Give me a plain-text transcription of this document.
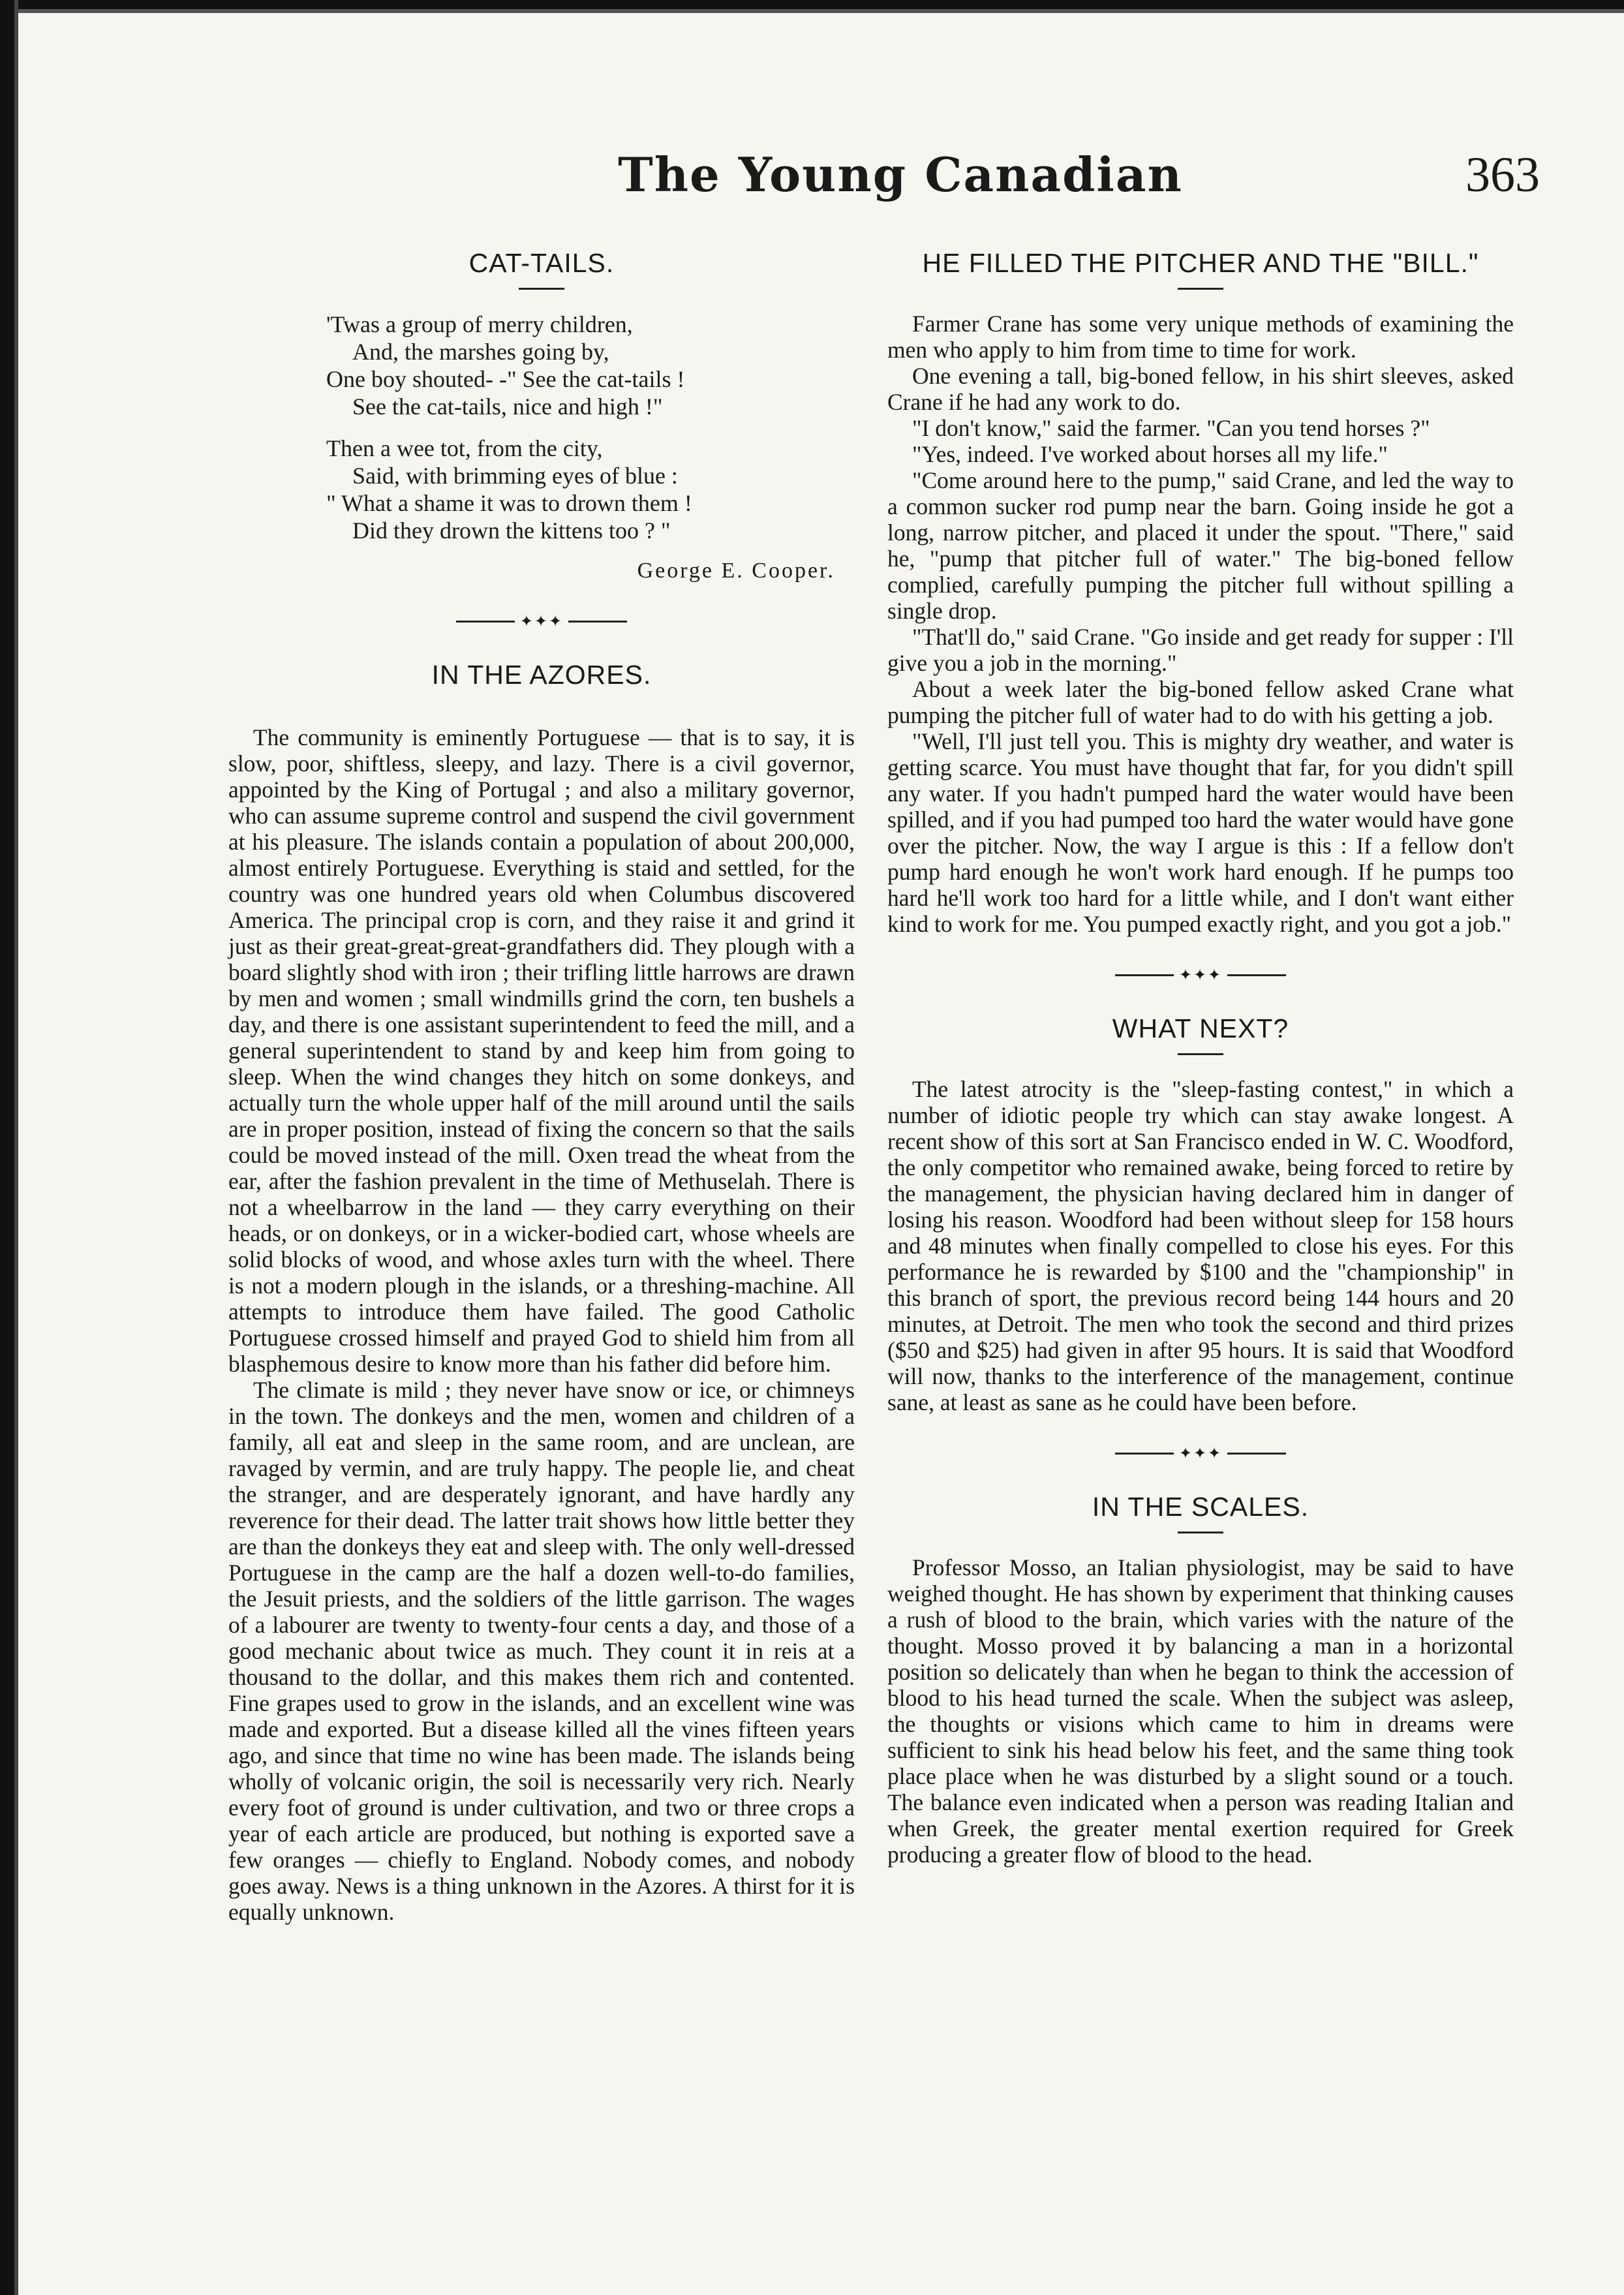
The Young Canadian	363
CAT-TAILS.
'Twas a group of merry children,
And, the marshes going by,
One boy shouted- -" See the cat-tails !
See the cat-tails, nice and high !"
Then a wee tot, from the city,
Said, with brimming eyes of blue :
" What a shame it was to drown them !
Did they drown the kittens too ? "
George E. Cooper.
✦✦✦
IN THE AZORES.

The community is eminently Portuguese — that is to say, it is slow, poor, shiftless, sleepy, and lazy. There is a civil governor, appointed by the King of Portugal ; and also a military governor, who can assume supreme control and suspend the civil government at his pleasure. The islands contain a population of about 200,000, almost entirely Portuguese. Everything is staid and settled, for the country was one hundred years old when Columbus discovered America. The principal crop is corn, and they raise it and grind it just as their great-great-great-grandfathers did. They plough with a board slightly shod with iron ; their trifling little harrows are drawn by men and women ; small windmills grind the corn, ten bushels a day, and there is one assistant superintendent to feed the mill, and a general superintendent to stand by and keep him from going to sleep. When the wind changes they hitch on some donkeys, and actually turn the whole upper half of the mill around until the sails are in proper position, instead of fixing the concern so that the sails could be moved instead of the mill. Oxen tread the wheat from the ear, after the fashion prevalent in the time of Methuselah. There is not a wheelbarrow in the land — they carry everything on their heads, or on donkeys, or in a wicker-bodied cart, whose wheels are solid blocks of wood, and whose axles turn with the wheel. There is not a modern plough in the islands, or a threshing-machine. All attempts to introduce them have failed. The good Catholic Portuguese crossed himself and prayed God to shield him from all blasphemous desire to know more than his father did before him.

The climate is mild ; they never have snow or ice, or chimneys in the town. The donkeys and the men, women and children of a family, all eat and sleep in the same room, and are unclean, are ravaged by vermin, and are truly happy. The people lie, and cheat the stranger, and are desperately ignorant, and have hardly any reverence for their dead. The latter trait shows how little better they are than the donkeys they eat and sleep with. The only well-dressed Portuguese in the camp are the half a dozen well-to-do families, the Jesuit priests, and the soldiers of the little garrison. The wages of a labourer are twenty to twenty-four cents a day, and those of a good mechanic about twice as much. They count it in reis at a thousand to the dollar, and this makes them rich and contented. Fine grapes used to grow in the islands, and an excellent wine was made and exported. But a disease killed all the vines fifteen years ago, and since that time no wine has been made. The islands being wholly of volcanic origin, the soil is necessarily very rich. Nearly every foot of ground is under cultivation, and two or three crops a year of each article are produced, but nothing is exported save a few oranges — chiefly to England. Nobody comes, and nobody goes away. News is a thing unknown in the Azores. A thirst for it is equally unknown.

HE FILLED THE PITCHER AND THE "BILL."

Farmer Crane has some very unique methods of examining the men who apply to him from time to time for work.

One evening a tall, big-boned fellow, in his shirt sleeves, asked Crane if he had any work to do.

"I don't know," said the farmer. "Can you tend horses ?"

"Yes, indeed. I've worked about horses all my life."

"Come around here to the pump," said Crane, and led the way to a common sucker rod pump near the barn. Going inside he got a long, narrow pitcher, and placed it under the spout. "There," said he, "pump that pitcher full of water." The big-boned fellow complied, carefully pumping the pitcher full without spilling a single drop.

"That'll do," said Crane. "Go inside and get ready for supper : I'll give you a job in the morning."

About a week later the big-boned fellow asked Crane what pumping the pitcher full of water had to do with his getting a job.

"Well, I'll just tell you. This is mighty dry weather, and water is getting scarce. You must have thought that far, for you didn't spill any water. If you hadn't pumped hard the water would have been spilled, and if you had pumped too hard the water would have gone over the pitcher. Now, the way I argue is this : If a fellow don't pump hard enough he won't work hard enough. If he pumps too hard he'll work too hard for a little while, and I don't want either kind to work for me. You pumped exactly right, and you got a job."

✦✦✦
WHAT NEXT?

The latest atrocity is the "sleep-fasting contest," in which a number of idiotic people try which can stay awake longest. A recent show of this sort at San Francisco ended in W. C. Woodford, the only competitor who remained awake, being forced to retire by the management, the physician having declared him in danger of losing his reason. Woodford had been without sleep for 158 hours and 48 minutes when finally compelled to close his eyes. For this performance he is rewarded by $100 and the "championship" in this branch of sport, the previous record being 144 hours and 20 minutes, at Detroit. The men who took the second and third prizes ($50 and $25) had given in after 95 hours. It is said that Woodford will now, thanks to the interference of the management, continue sane, at least as sane as he could have been before.

✦✦✦
IN THE SCALES.

Professor Mosso, an Italian physiologist, may be said to have weighed thought. He has shown by experiment that thinking causes a rush of blood to the brain, which varies with the nature of the thought. Mosso proved it by balancing a man in a horizontal position so delicately than when he began to think the accession of blood to his head turned the scale. When the subject was asleep, the thoughts or visions which came to him in dreams were sufficient to sink his head below his feet, and the same thing took place place when he was disturbed by a slight sound or a touch. The balance even indicated when a person was reading Italian and when Greek, the greater mental exertion required for Greek producing a greater flow of blood to the head.
